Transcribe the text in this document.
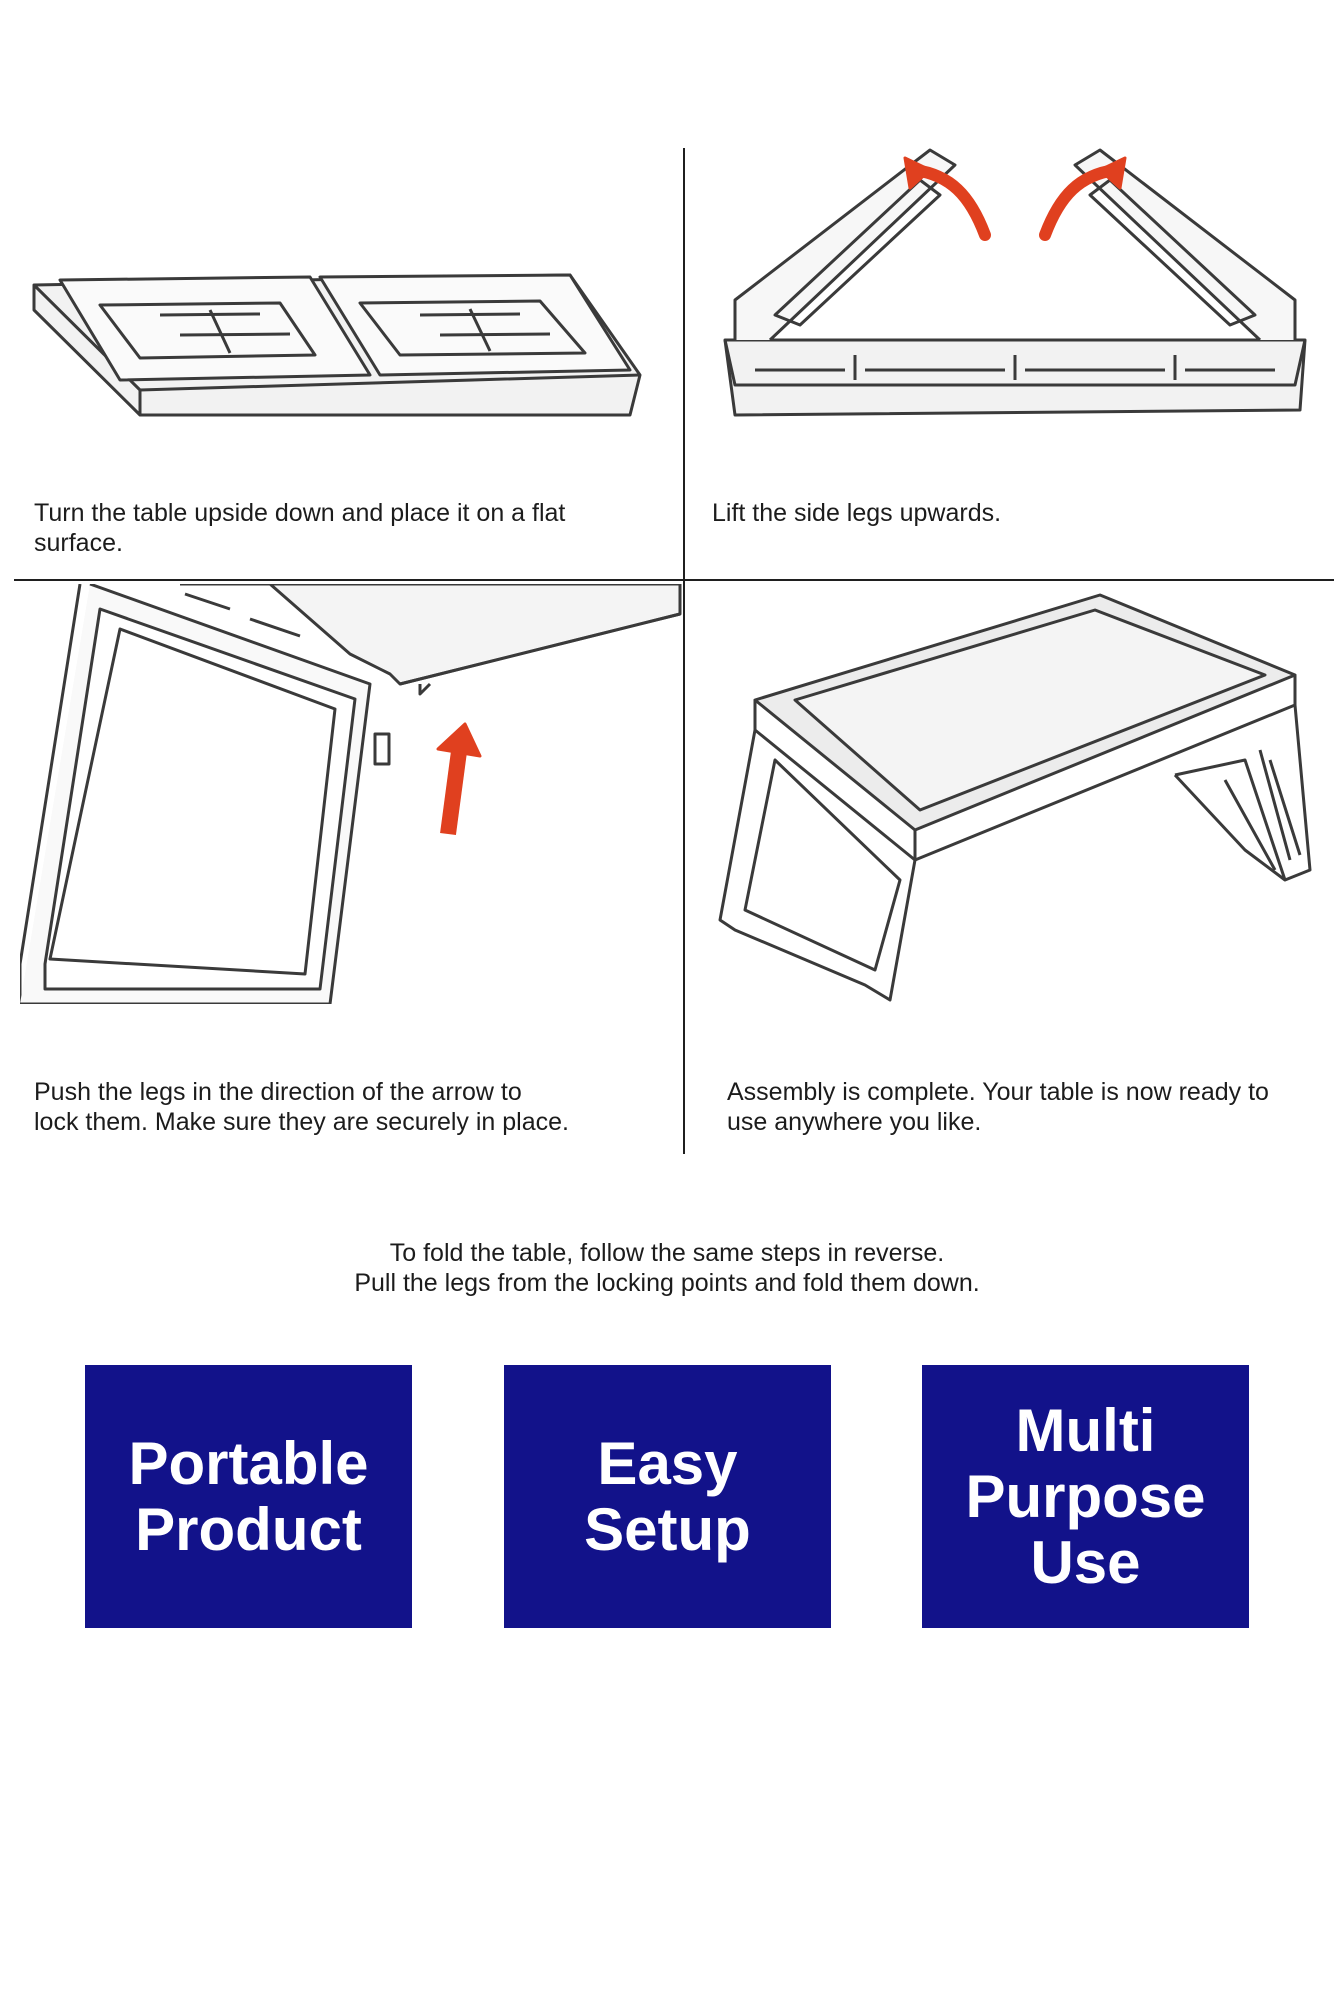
Turn the table upside down and place it on a flat
surface.
Lift the side legs upwards.
Push the legs in the direction of the arrow to
lock them. Make sure they are securely in place.
Assembly is complete. Your table is now ready to
use anywhere you like.
To fold the table, follow the same steps in reverse.
Pull the legs from the locking points and fold them down.
Portable
Product
Easy
Setup
Multi
Purpose
Use
